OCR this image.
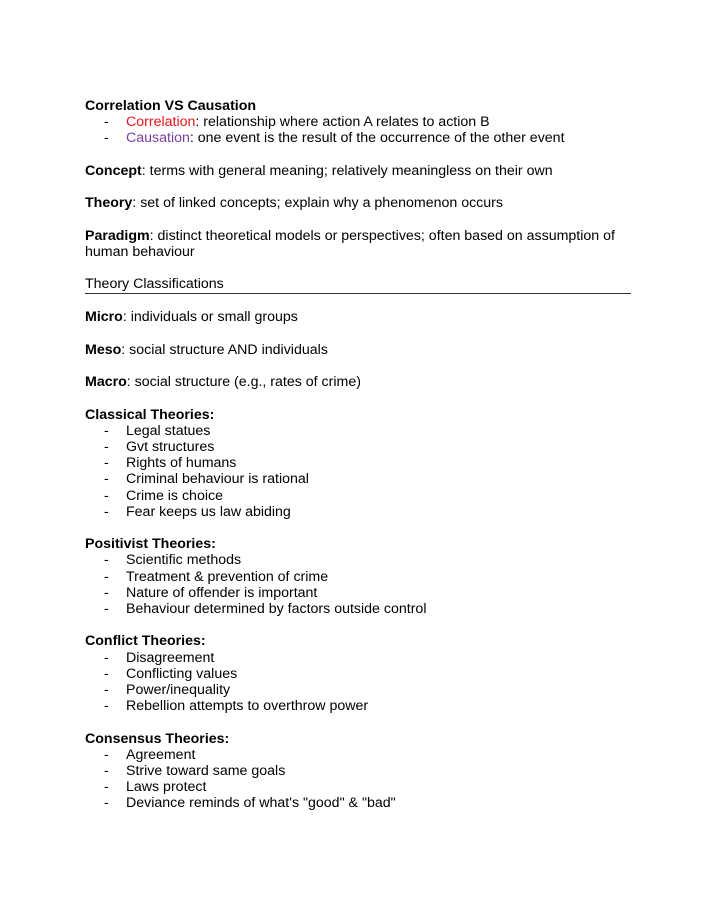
Correlation VS Causation
- Correlation: relationship where action A relates to action B
- Causation: one event is the result of the occurrence of the other event
Concept: terms with general meaning; relatively meaningless on their own
Theory: set of linked concepts; explain why a phenomenon occurs
Paradigm: distinct theoretical models or perspectives; often based on assumption of human behaviour
Theory Classifications
Micro: individuals or small groups
Meso: social structure AND individuals
Macro: social structure (e.g., rates of crime)
Classical Theories:
- Legal statues
- Gvt structures
- Rights of humans
- Criminal behaviour is rational
- Crime is choice
- Fear keeps us law abiding
Positivist Theories:
- Scientific methods
- Treatment & prevention of crime
- Nature of offender is important
- Behaviour determined by factors outside control
Conflict Theories:
- Disagreement
- Conflicting values
- Power/inequality
- Rebellion attempts to overthrow power
Consensus Theories:
- Agreement
- Strive toward same goals
- Laws protect
- Deviance reminds of what's "good" & "bad"
